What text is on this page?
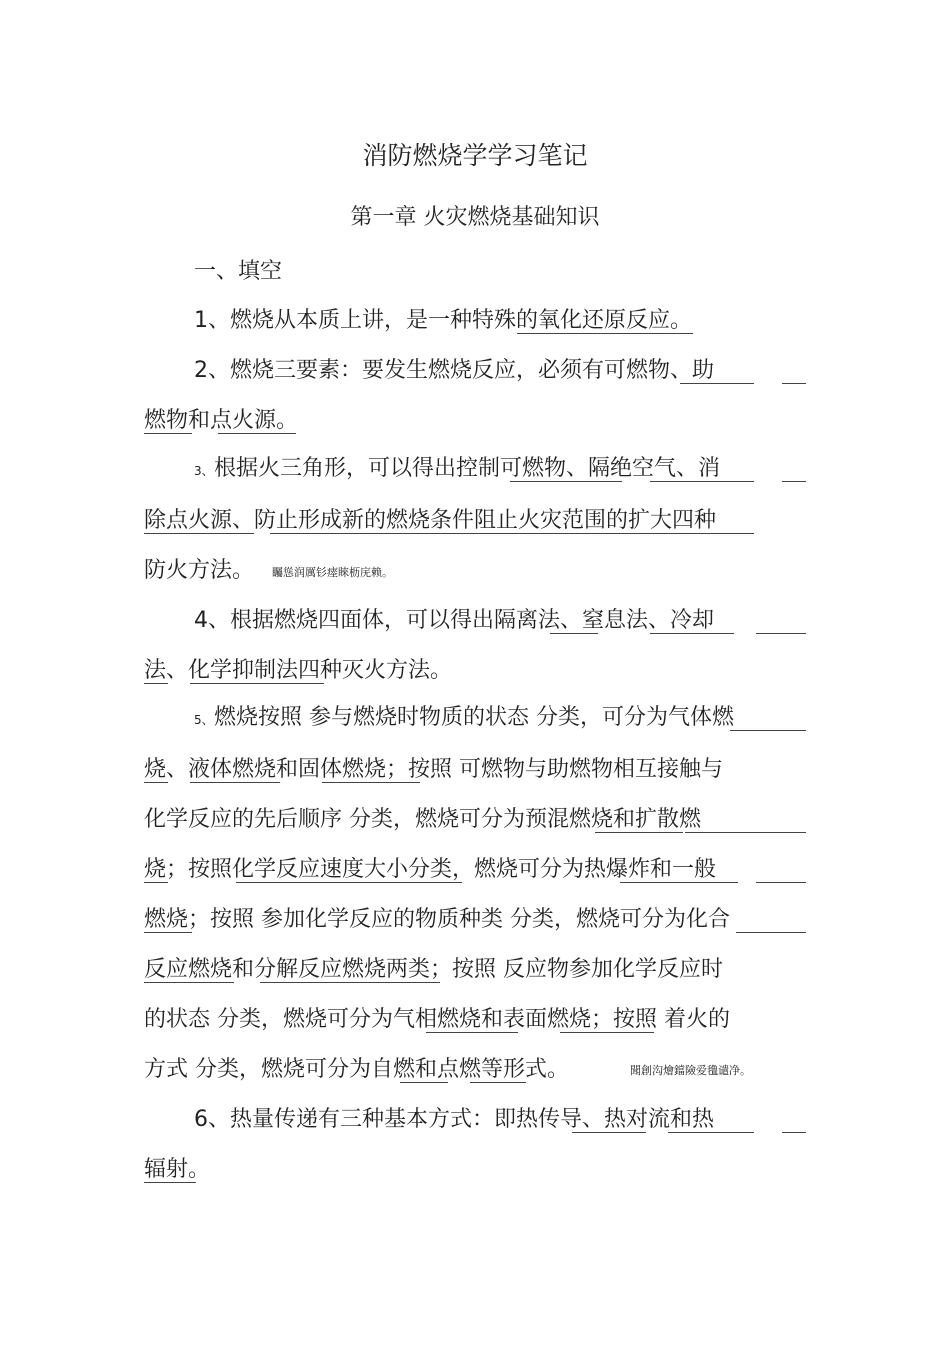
消防燃烧学学习笔记
第一章 火灾燃烧基础知识
一、填空
1、燃烧从本质上讲，是一种特殊的氧化还原反应。
2、燃烧三要素：要发生燃烧反应，必须有可燃物、助
燃物和点火源。
3、 根据火三角形，可以得出控制可燃物、隔绝空气、消
除点火源、防止形成新的燃烧条件阻止火灾范围的扩大四种
防火方法。 矚慫润厲钐瘗睞枥庑赖。
4、根据燃烧四面体，可以得出隔离法、窒息法、冷却
法、化学抑制法四种灭火方法。
5、 燃烧按照 参与燃烧时物质的状态 分类，可分为气体燃
烧、液体燃烧和固体燃烧；按照 可燃物与助燃物相互接触与
化学反应的先后顺序 分类，燃烧可分为预混燃烧和扩散燃
烧；按照化学反应速度大小分类，燃烧可分为热爆炸和一般
燃烧；按照 参加化学反应的物质种类 分类，燃烧可分为化合
反应燃烧和分解反应燃烧两类；按照 反应物参加化学反应时
的状态 分类，燃烧可分为气相燃烧和表面燃烧；按照 着火的
方式 分类，燃烧可分为自燃和点燃等形式。	聞創沟燴鐺險爱氇谴净。
6、热量传递有三种基本方式：即热传导、热对流和热
辐射。
